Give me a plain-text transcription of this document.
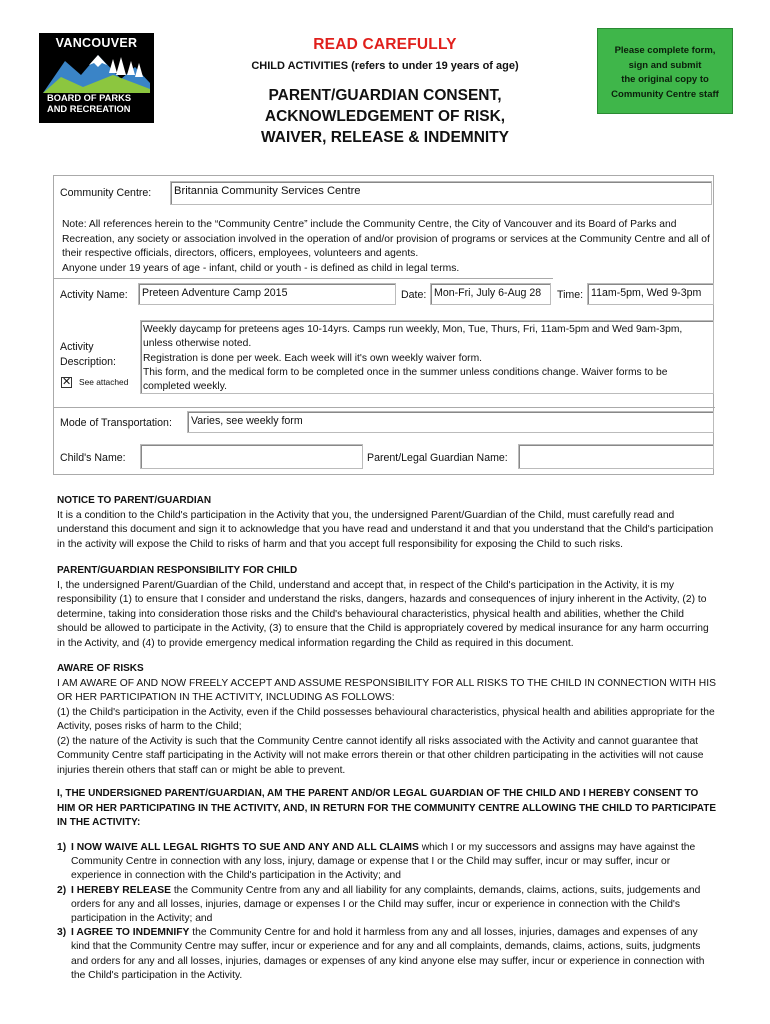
VANCOUVER
BOARD OF PARKS
AND RECREATION
READ CAREFULLY
CHILD ACTIVITIES (refers to under 19 years of age)
PARENT/GUARDIAN CONSENT,
ACKNOWLEDGEMENT OF RISK,
WAIVER, RELEASE & INDEMNITY
Please complete form,
sign and submit
the original copy to
Community Centre staff
Community Centre:	Britannia Community Services Centre
Note: All references herein to the “Community Centre” include the Community Centre, the City of Vancouver and its Board of Parks and Recreation, any society or association involved in the operation of and/or provision of programs or services at the Community Centre and all of their respective officials, directors, officers, employees, volunteers and agents.
Anyone under 19 years of age - infant, child or youth - is defined as child in legal terms.
Activity Name:	Preteen Adventure Camp 2015	Date: Mon-Fri, July 6-Aug 28	Time: 11am-5pm, Wed 9-3pm
Activity
Description:
✕ See attached
Weekly daycamp for preteens ages 10-14yrs. Camps run weekly, Mon, Tue, Thurs, Fri, 11am-5pm and Wed 9am-3pm, unless otherwise noted.
Registration is done per week. Each week will it's own weekly waiver form.
This form, and the medical form to be completed once in the summer unless conditions change. Waiver forms to be completed weekly.
Mode of Transportation:	Varies, see weekly form
Child's Name:	Parent/Legal Guardian Name:
NOTICE TO PARENT/GUARDIAN
It is a condition to the Child's participation in the Activity that you, the undersigned Parent/Guardian of the Child, must carefully read and understand this document and sign it to acknowledge that you have read and understand it and that you understand that the Child's participation in the activity will expose the Child to risks of harm and that you accept full responsibility for exposing the Child to such risks.
PARENT/GUARDIAN RESPONSIBILITY FOR CHILD
I, the undersigned Parent/Guardian of the Child, understand and accept that, in respect of the Child's participation in the Activity, it is my responsibility (1) to ensure that I consider and understand the risks, dangers, hazards and consequences of injury inherent in the Activity, (2) to determine, taking into consideration those risks and the Child's behavioural characteristics, physical health and abilities, whether the Child should be allowed to participate in the Activity, (3) to ensure that the Child is appropriately covered by medical insurance for any harm occurring in the Activity, and (4) to provide emergency medical information regarding the Child as required in this document.
AWARE OF RISKS
I AM AWARE OF AND NOW FREELY ACCEPT AND ASSUME RESPONSIBILITY FOR ALL RISKS TO THE CHILD IN CONNECTION WITH HIS OR HER PARTICIPATION IN THE ACTIVITY, INCLUDING AS FOLLOWS:
(1) the Child's participation in the Activity, even if the Child possesses behavioural characteristics, physical health and abilities appropriate for the Activity, poses risks of harm to the Child;
(2) the nature of the Activity is such that the Community Centre cannot identify all risks associated with the Activity and cannot guarantee that Community Centre staff participating in the Activity will not make errors therein or that other children participating in the activities will not cause injuries therein others that staff can or might be able to prevent.
I, THE UNDERSIGNED PARENT/GUARDIAN, AM THE PARENT AND/OR LEGAL GUARDIAN OF THE CHILD AND I HEREBY CONSENT TO HIM OR HER PARTICIPATING IN THE ACTIVITY, AND, IN RETURN FOR THE COMMUNITY CENTRE ALLOWING THE CHILD TO PARTICIPATE IN THE ACTIVITY:
1) I NOW WAIVE ALL LEGAL RIGHTS TO SUE AND ANY AND ALL CLAIMS which I or my successors and assigns may have against the Community Centre in connection with any loss, injury, damage or expense that I or the Child may suffer, incur or may suffer, incur or experience in connection with the Child's participation in the Activity; and
2) I HEREBY RELEASE the Community Centre from any and all liability for any complaints, demands, claims, actions, suits, judgements and orders for any and all losses, injuries, damage or expenses I or the Child may suffer, incur or experience in connection with the Child's participation in the Activity; and
3) I AGREE TO INDEMNIFY the Community Centre for and hold it harmless from any and all losses, injuries, damages and expenses of any kind that the Community Centre may suffer, incur or experience and for any and all complaints, demands, claims, actions, suits, judgments and orders for any and all losses, injuries, damages or expenses of any kind anyone else may suffer, incur or experience in connection with the Child's participation in the Activity.
